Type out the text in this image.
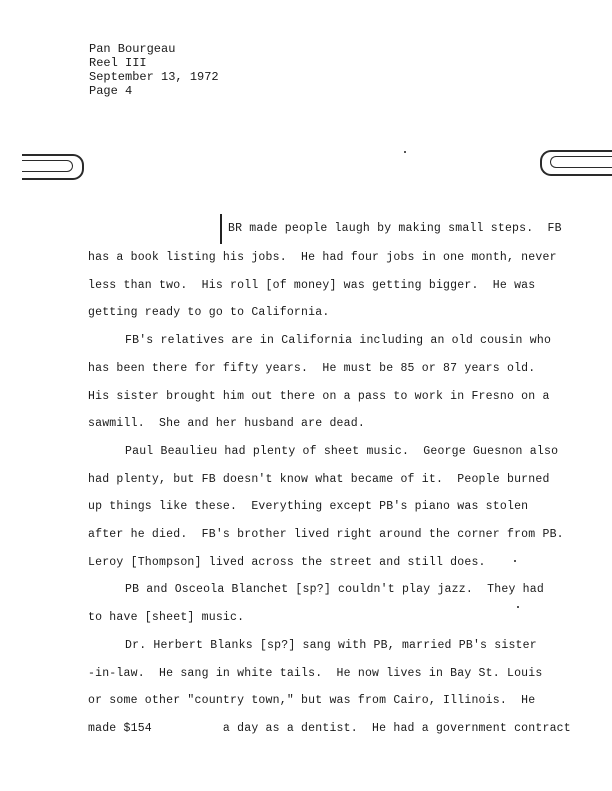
Pan Bourgeau
Reel III
September 13, 1972
Page 4
BR made people laugh by making small steps.  FB
has a book listing his jobs.  He had four jobs in one month, never
less than two.  His roll [of money] was getting bigger.  He was
getting ready to go to California.
FB's relatives are in California including an old cousin who
has been there for fifty years.  He must be 85 or 87 years old.
His sister brought him out there on a pass to work in Fresno on a
sawmill.  She and her husband are dead.
Paul Beaulieu had plenty of sheet music.  George Guesnon also
had plenty, but FB doesn't know what became of it.  People burned
up things like these.  Everything except PB's piano was stolen
after he died.  FB's brother lived right around the corner from PB.
Leroy [Thompson] lived across the street and still does.
PB and Osceola Blanchet [sp?] couldn't play jazz.  They had
to have [sheet] music.
Dr. Herbert Blanks [sp?] sang with PB, married PB's sister
-in-law.  He sang in white tails.  He now lives in Bay St. Louis
or some other "country town," but was from Cairo, Illinois.  He
made $154          a day as a dentist.  He had a government contract
